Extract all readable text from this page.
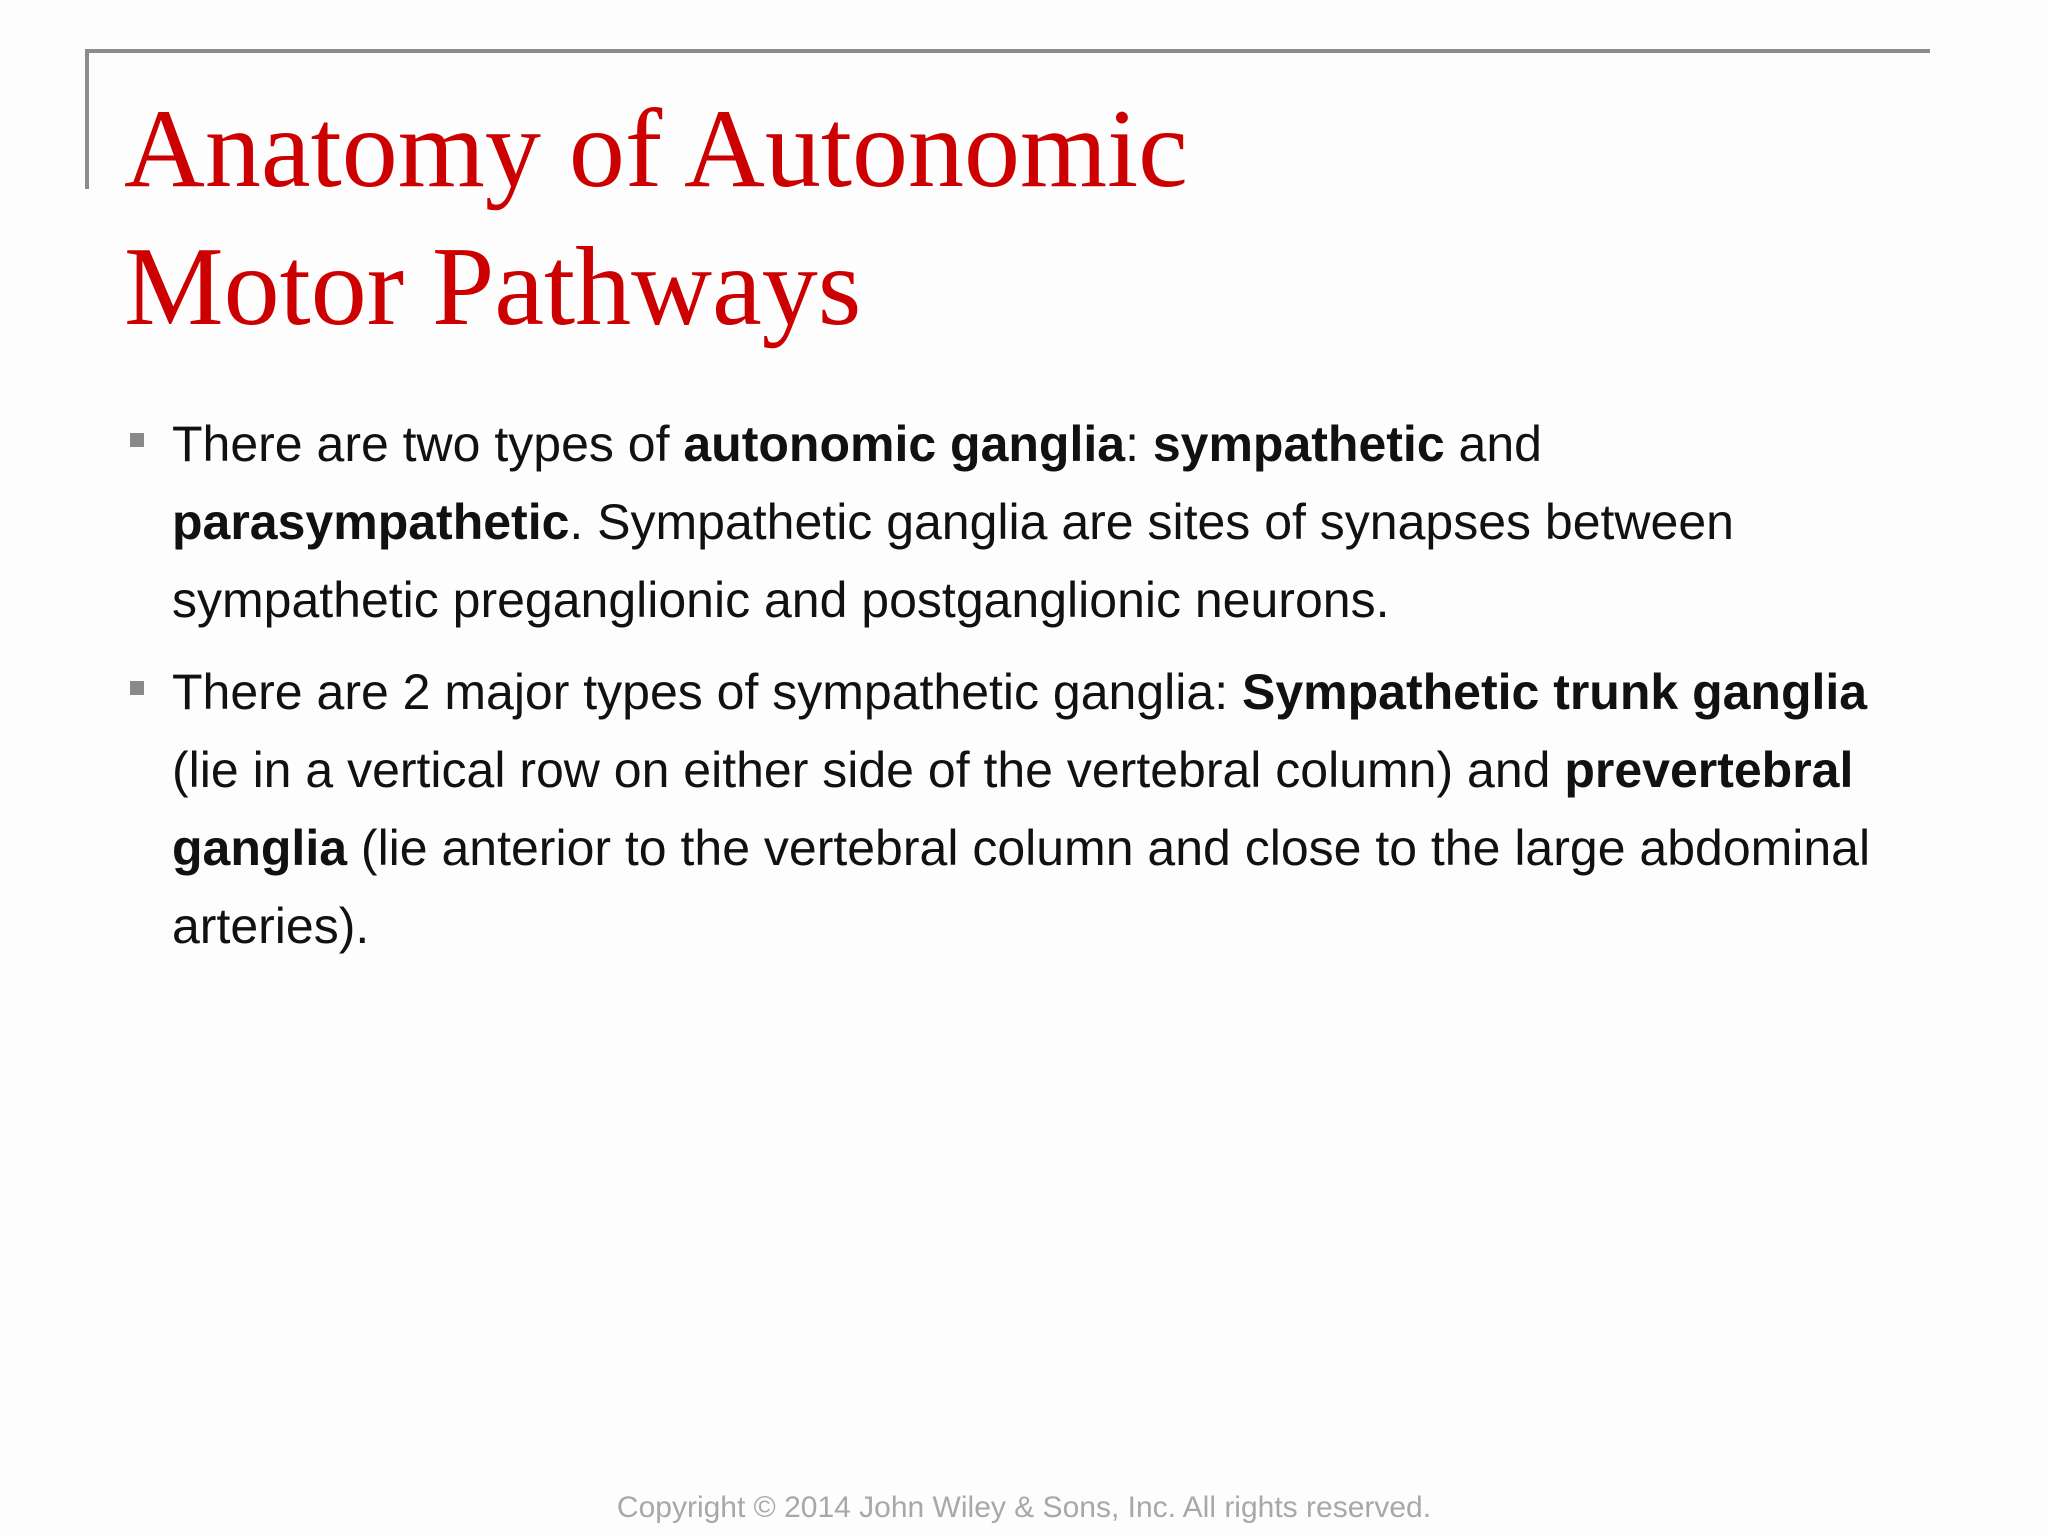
Anatomy of Autonomic
Motor Pathways
There are two types of autonomic ganglia: sympathetic and parasympathetic. Sympathetic ganglia are sites of synapses between sympathetic preganglionic and postganglionic neurons.
There are 2 major types of sympathetic ganglia: Sympathetic trunk ganglia (lie in a vertical row on either side of the vertebral column) and prevertebral ganglia (lie anterior to the vertebral column and close to the large abdominal arteries).
Copyright © 2014 John Wiley & Sons, Inc. All rights reserved.
